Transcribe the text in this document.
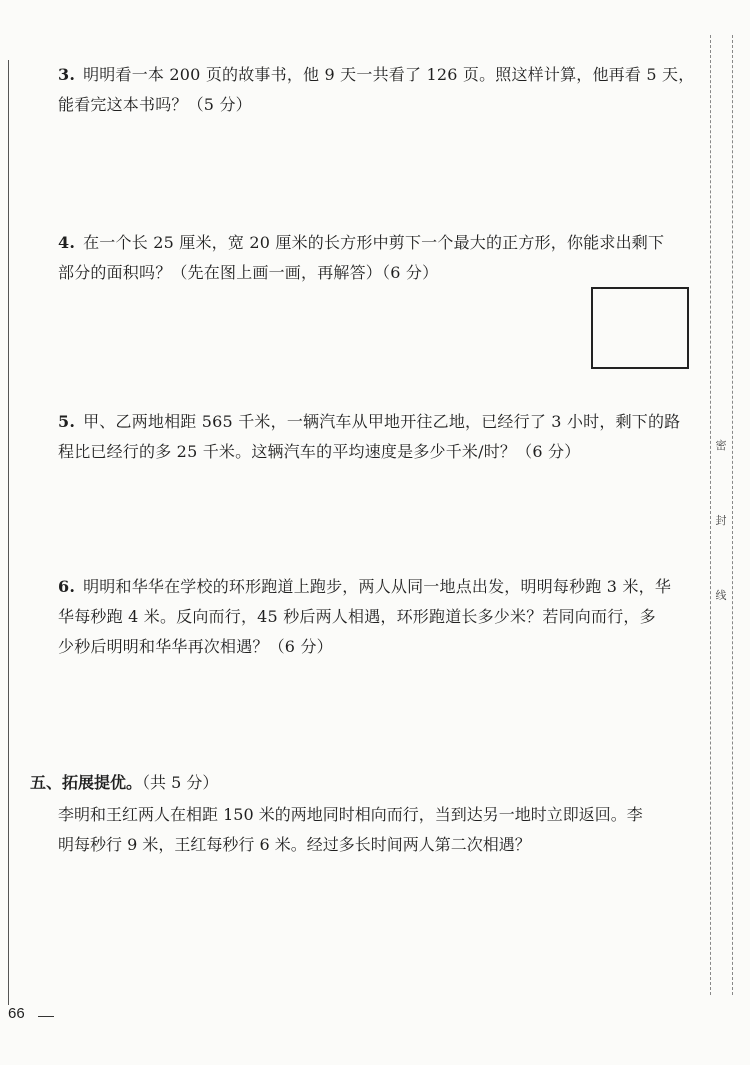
密
封
线
3. 明明看一本 200 页的故事书，他 9 天一共看了 126 页。照这样计算，他再看 5 天，
能看完这本书吗？（5 分）
4. 在一个长 25 厘米，宽 20 厘米的长方形中剪下一个最大的正方形，你能求出剩下
部分的面积吗？（先在图上画一画，再解答）（6 分）
5. 甲、乙两地相距 565 千米，一辆汽车从甲地开往乙地，已经行了 3 小时，剩下的路
程比已经行的多 25 千米。这辆汽车的平均速度是多少千米/时？（6 分）
6. 明明和华华在学校的环形跑道上跑步，两人从同一地点出发，明明每秒跑 3 米，华
华每秒跑 4 米。反向而行，45 秒后两人相遇，环形跑道长多少米？若同向而行，多
少秒后明明和华华再次相遇？（6 分）
五、拓展提优。（共 5 分）
李明和王红两人在相距 150 米的两地同时相向而行，当到达另一地时立即返回。李
明每秒行 9 米，王红每秒行 6 米。经过多长时间两人第二次相遇？
66
